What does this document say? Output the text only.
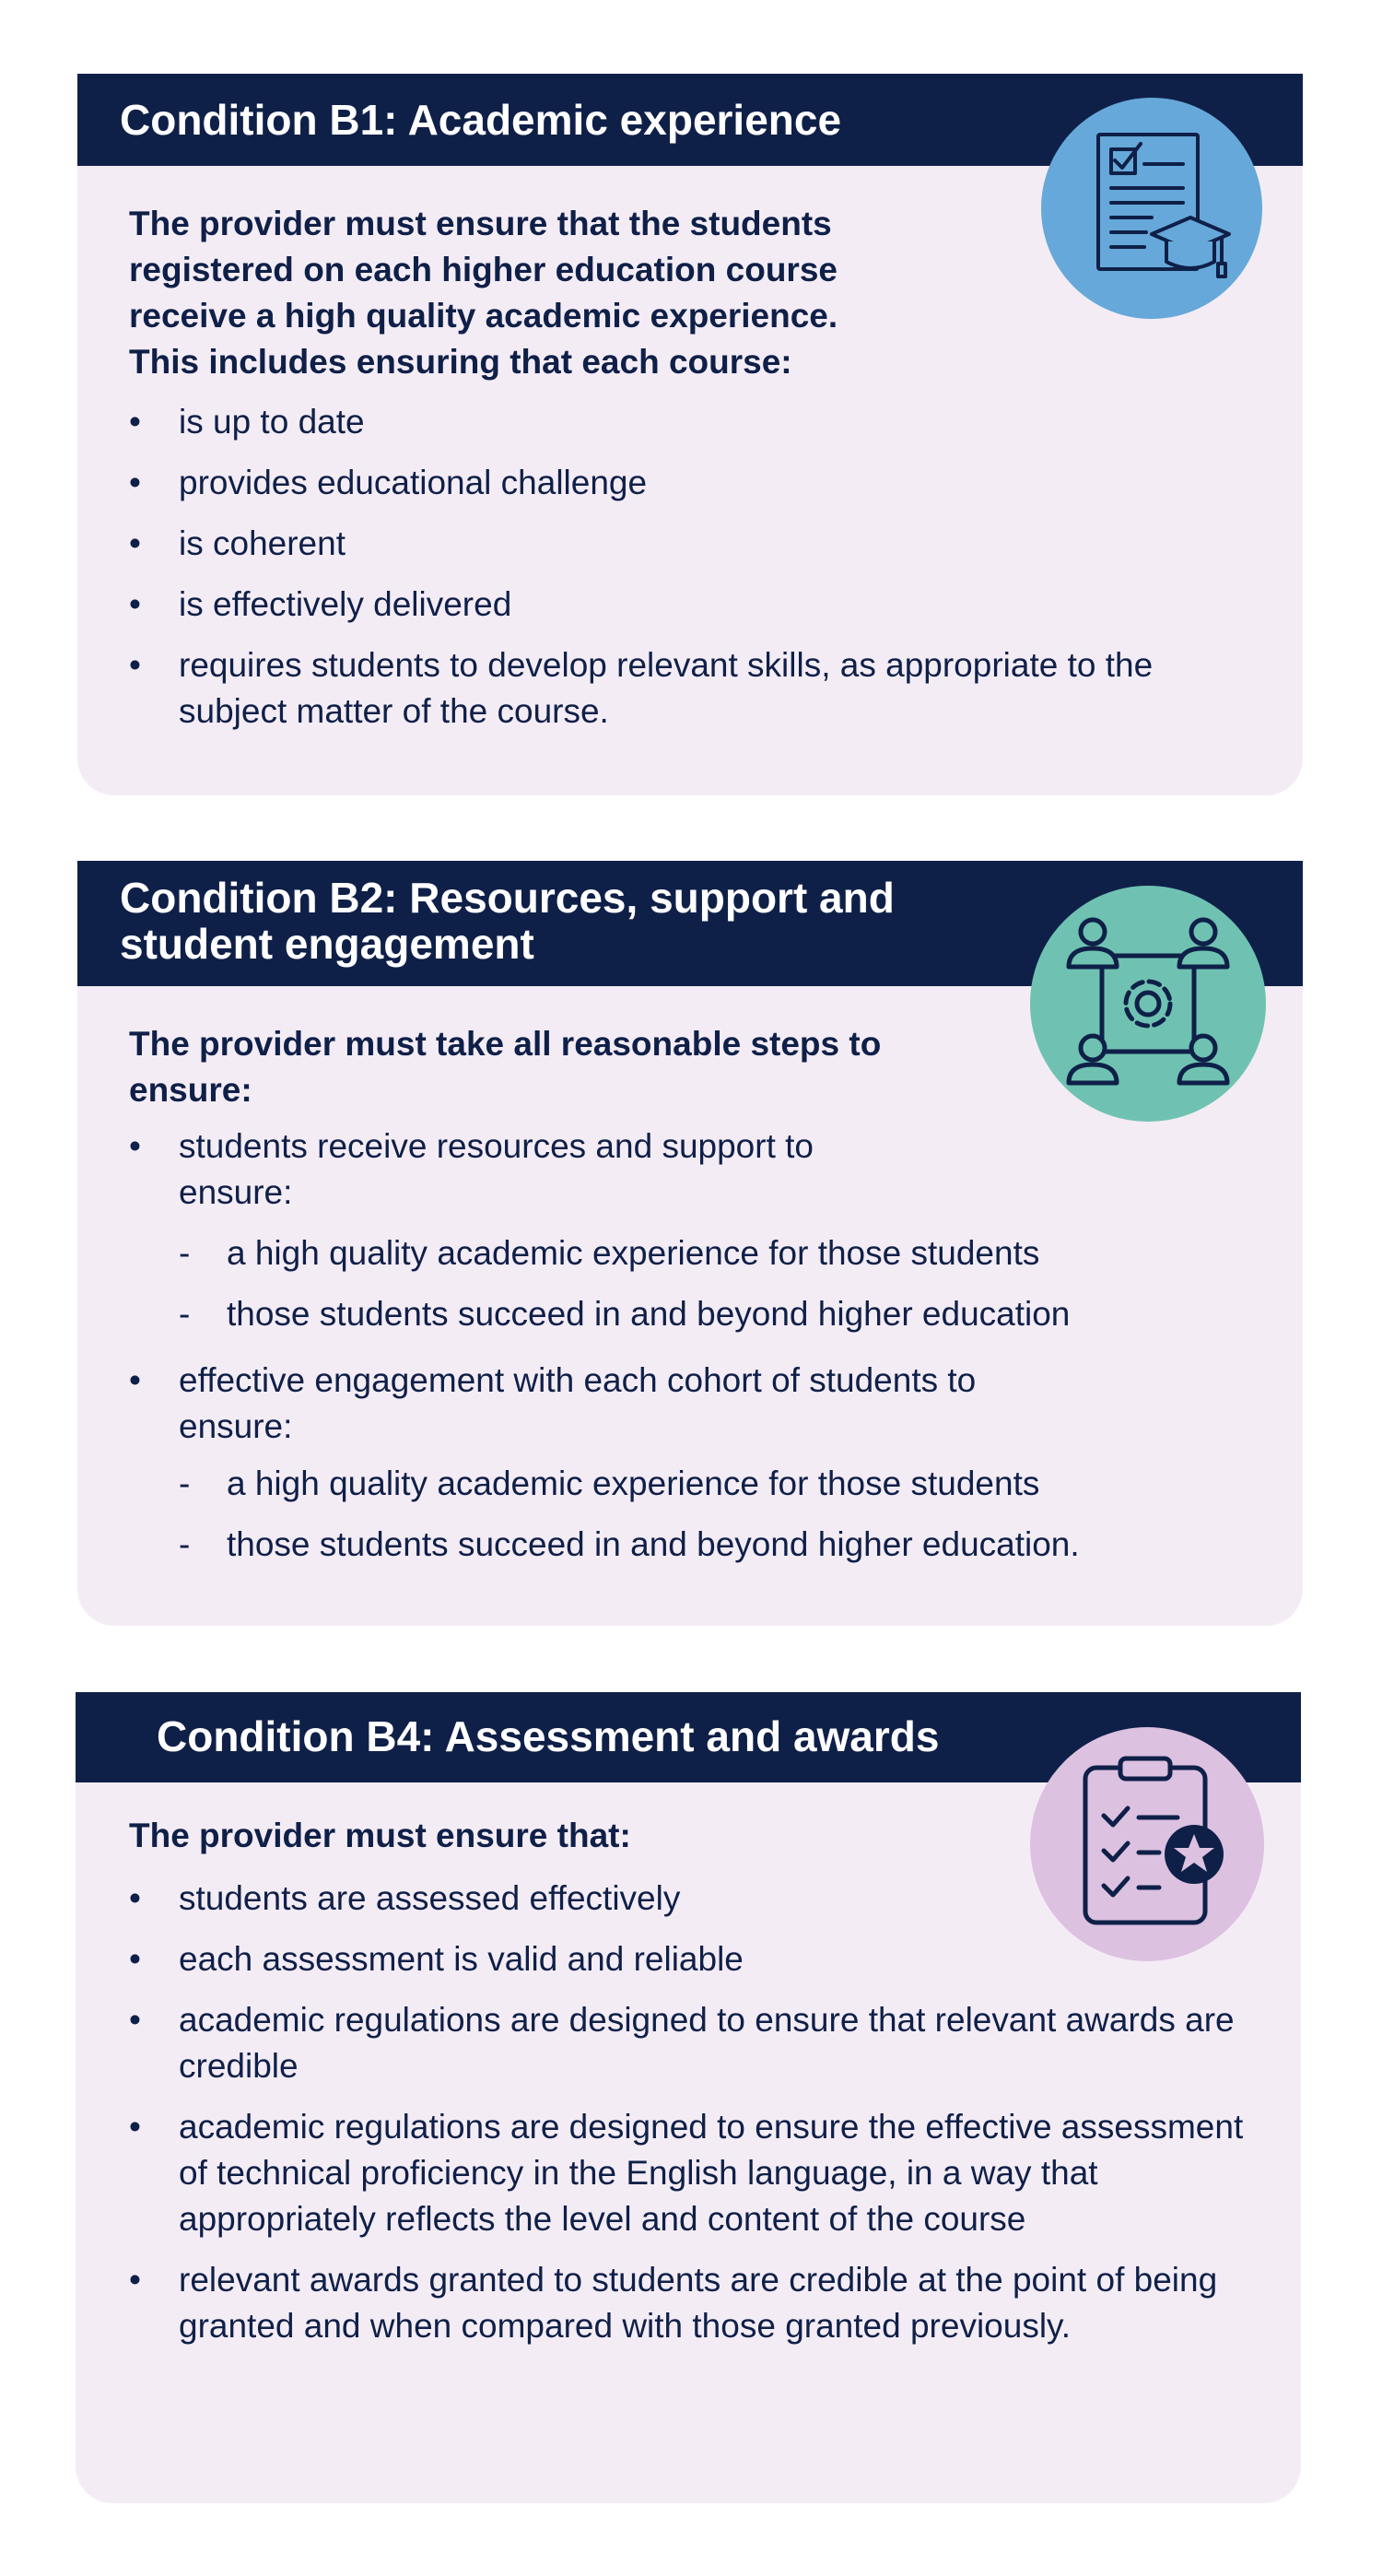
Condition B1: Academic experience

The provider must ensure that the students
registered on each higher education course
receive a high quality academic experience.
This includes ensuring that each course:

• is up to date
• provides educational challenge
• is coherent
• is effectively delivered
• requires students to develop relevant skills, as appropriate to the subject matter of the course.
Condition B2: Resources, support and
student engagement

The provider must take all reasonable steps to
ensure:

• students receive resources and support to
ensure:
- a high quality academic experience for those students
- those students succeed in and beyond higher education
• effective engagement with each cohort of students to
ensure:
- a high quality academic experience for those students
- those students succeed in and beyond higher education.
Condition B4: Assessment and awards

The provider must ensure that:

• students are assessed effectively
• each assessment is valid and reliable
• academic regulations are designed to ensure that relevant awards are credible
• academic regulations are designed to ensure the effective assessment of technical proficiency in the English language, in a way that appropriately reflects the level and content of the course
• relevant awards granted to students are credible at the point of being granted and when compared with those granted previously.
